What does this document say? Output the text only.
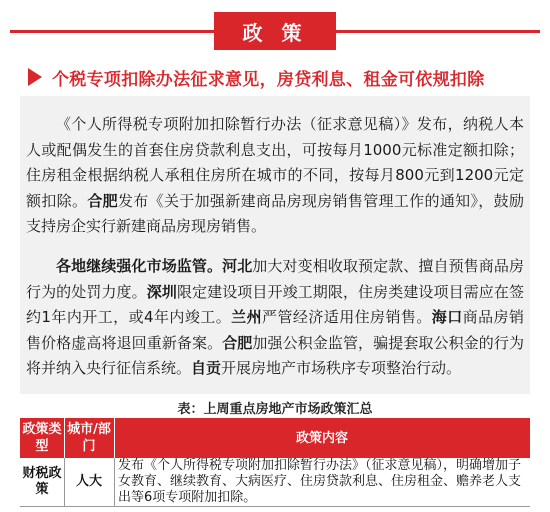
政 策
个税专项扣除办法征求意见，房贷利息、租金可依规扣除

《个人所得税专项附加扣除暂行办法（征求意见稿）》发布，纳税人本人或配偶发生的首套住房贷款利息支出，可按每月1000元标准定额扣除；住房租金根据纳税人承租住房所在城市的不同，按每月800元到1200元定额扣除。合肥发布《关于加强新建商品房现房销售管理工作的通知》，鼓励支持房企实行新建商品房现房销售。

各地继续强化市场监管。河北加大对变相收取预定款、擅自预售商品房行为的处罚力度。深圳限定建设项目开竣工期限，住房类建设项目需应在签约1年内开工，或4年内竣工。兰州严管经济适用住房销售。海口商品房销售价格虚高将退回重新备案。合肥加强公积金监管，骗提套取公积金的行为将并纳入央行征信系统。自贡开展房地产市场秩序专项整治行动。

表：上周重点房地产市场政策汇总
政策类型
城市/部门
政策内容
财税政策
人大
发布《个人所得税专项附加扣除暂行办法》（征求意见稿），明确增加子女教育、继续教育、大病医疗、住房贷款利息、住房租金、赡养老人支出等6项专项附加扣除。
